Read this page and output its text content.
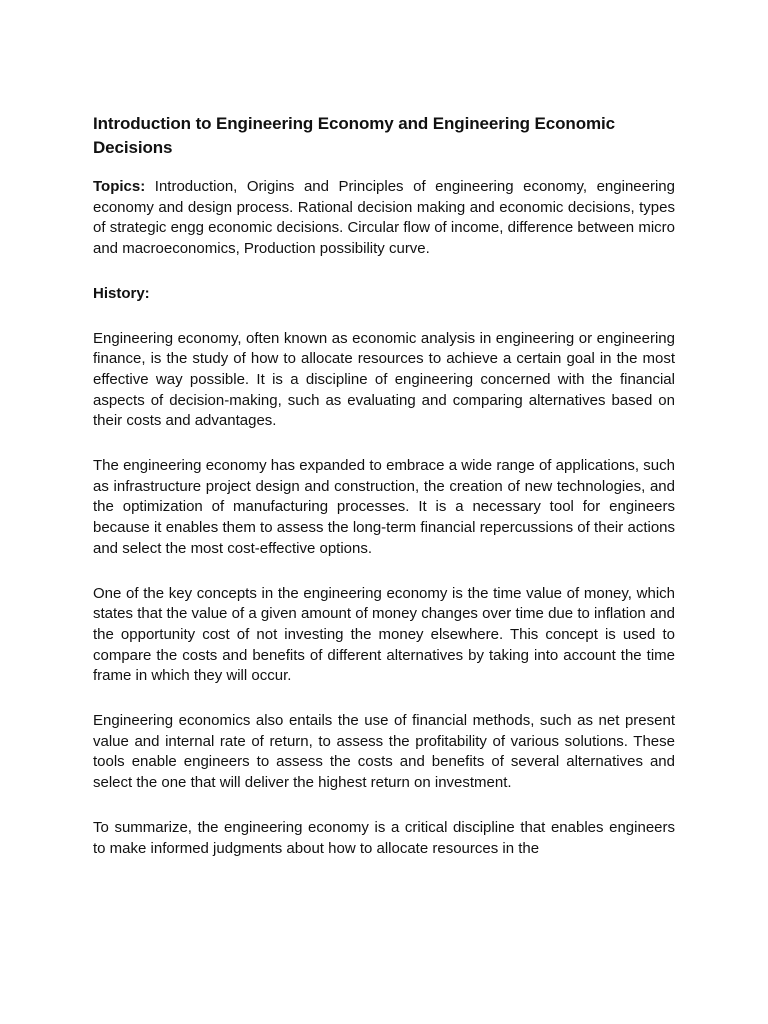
Introduction to Engineering Economy and Engineering Economic Decisions

Topics: Introduction, Origins and Principles of engineering economy, engineering economy and design process. Rational decision making and economic decisions, types of strategic engg economic decisions. Circular flow of income, difference between micro and macroeconomics, Production possibility curve.

History:

Engineering economy, often known as economic analysis in engineering or engineering finance, is the study of how to allocate resources to achieve a certain goal in the most effective way possible. It is a discipline of engineering concerned with the financial aspects of decision-making, such as evaluating and comparing alternatives based on their costs and advantages.

The engineering economy has expanded to embrace a wide range of applications, such as infrastructure project design and construction, the creation of new technologies, and the optimization of manufacturing processes. It is a necessary tool for engineers because it enables them to assess the long-term financial repercussions of their actions and select the most cost-effective options.

One of the key concepts in the engineering economy is the time value of money, which states that the value of a given amount of money changes over time due to inflation and the opportunity cost of not investing the money elsewhere. This concept is used to compare the costs and benefits of different alternatives by taking into account the time frame in which they will occur.

Engineering economics also entails the use of financial methods, such as net present value and internal rate of return, to assess the profitability of various solutions. These tools enable engineers to assess the costs and benefits of several alternatives and select the one that will deliver the highest return on investment.

To summarize, the engineering economy is a critical discipline that enables engineers to make informed judgments about how to allocate resources in the
